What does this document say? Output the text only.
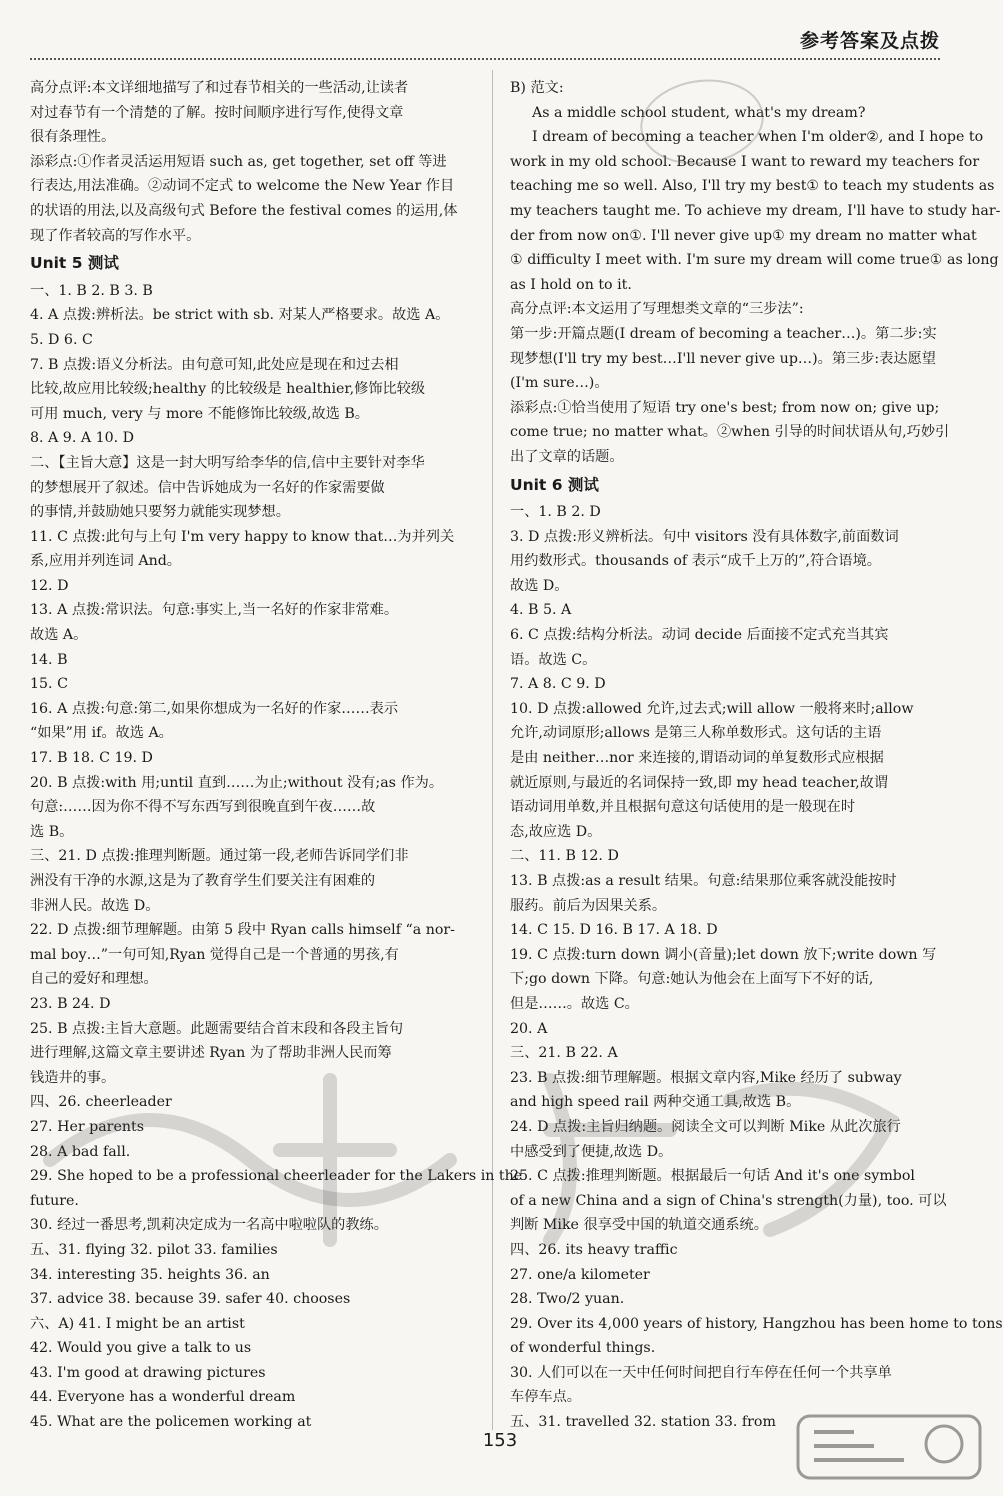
参考答案及点拨
高分点评:本文详细地描写了和过春节相关的一些活动,让读者
对过春节有一个清楚的了解。按时间顺序进行写作,使得文章
很有条理性。
添彩点:①作者灵活运用短语 such as, get together, set off 等进
行表达,用法准确。②动词不定式 to welcome the New Year 作目
的状语的用法,以及高级句式 Before the festival comes 的运用,体
现了作者较高的写作水平。
Unit 5 测试
一、1. B 2. B 3. B
4. A 点拨:辨析法。be strict with sb. 对某人严格要求。故选 A。
5. D 6. C
7. B 点拨:语义分析法。由句意可知,此处应是现在和过去相
比较,故应用比较级;healthy 的比较级是 healthier,修饰比较级
可用 much, very 与 more 不能修饰比较级,故选 B。
8. A 9. A 10. D
二、【主旨大意】这是一封大明写给李华的信,信中主要针对李华
的梦想展开了叙述。信中告诉她成为一名好的作家需要做
的事情,并鼓励她只要努力就能实现梦想。
11. C 点拨:此句与上句 I'm very happy to know that…为并列关
系,应用并列连词 And。
12. D
13. A 点拨:常识法。句意:事实上,当一名好的作家非常难。
故选 A。
14. B
15. C
16. A 点拨:句意:第二,如果你想成为一名好的作家……表示
“如果”用 if。故选 A。
17. B 18. C 19. D
20. B 点拨:with 用;until 直到……为止;without 没有;as 作为。
句意:……因为你不得不写东西写到很晚直到午夜……故
选 B。
三、21. D 点拨:推理判断题。通过第一段,老师告诉同学们非
洲没有干净的水源,这是为了教育学生们要关注有困难的
非洲人民。故选 D。
22. D 点拨:细节理解题。由第 5 段中 Ryan calls himself “a nor-
mal boy…”一句可知,Ryan 觉得自己是一个普通的男孩,有
自己的爱好和理想。
23. B 24. D
25. B 点拨:主旨大意题。此题需要结合首末段和各段主旨句
进行理解,这篇文章主要讲述 Ryan 为了帮助非洲人民而筹
钱造井的事。
四、26. cheerleader
27. Her parents
28. A bad fall.
29. She hoped to be a professional cheerleader for the Lakers in the
future.
30. 经过一番思考,凯莉决定成为一名高中啦啦队的教练。
五、31. flying 32. pilot 33. families
34. interesting 35. heights 36. an
37. advice 38. because 39. safer 40. chooses
六、A) 41. I might be an artist
42. Would you give a talk to us
43. I'm good at drawing pictures
44. Everyone has a wonderful dream
45. What are the policemen working at
B) 范文:
As a middle school student, what's my dream?
I dream of becoming a teacher when I'm older②, and I hope to
work in my old school. Because I want to reward my teachers for
teaching me so well. Also, I'll try my best① to teach my students as
my teachers taught me. To achieve my dream, I'll have to study har-
der from now on①. I'll never give up① my dream no matter what
① difficulty I meet with. I'm sure my dream will come true① as long
as I hold on to it.
高分点评:本文运用了写理想类文章的“三步法”:
第一步:开篇点题(I dream of becoming a teacher…)。第二步:实
现梦想(I'll try my best…I'll never give up…)。第三步:表达愿望
(I'm sure…)。
添彩点:①恰当使用了短语 try one's best; from now on; give up;
come true; no matter what。②when 引导的时间状语从句,巧妙引
出了文章的话题。
Unit 6 测试
一、1. B 2. D
3. D 点拨:形义辨析法。句中 visitors 没有具体数字,前面数词
用约数形式。thousands of 表示“成千上万的”,符合语境。
故选 D。
4. B 5. A
6. C 点拨:结构分析法。动词 decide 后面接不定式充当其宾
语。故选 C。
7. A 8. C 9. D
10. D 点拨:allowed 允许,过去式;will allow 一般将来时;allow
允许,动词原形;allows 是第三人称单数形式。这句话的主语
是由 neither…nor 来连接的,谓语动词的单复数形式应根据
就近原则,与最近的名词保持一致,即 my head teacher,故谓
语动词用单数,并且根据句意这句话使用的是一般现在时
态,故应选 D。
二、11. B 12. D
13. B 点拨:as a result 结果。句意:结果那位乘客就没能按时
服药。前后为因果关系。
14. C 15. D 16. B 17. A 18. D
19. C 点拨:turn down 调小(音量);let down 放下;write down 写
下;go down 下降。句意:她认为他会在上面写下不好的话,
但是……。故选 C。
20. A
三、21. B 22. A
23. B 点拨:细节理解题。根据文章内容,Mike 经历了 subway
and high speed rail 两种交通工具,故选 B。
24. D 点拨:主旨归纳题。阅读全文可以判断 Mike 从此次旅行
中感受到了便捷,故选 D。
25. C 点拨:推理判断题。根据最后一句话 And it's one symbol
of a new China and a sign of China's strength(力量), too. 可以
判断 Mike 很享受中国的轨道交通系统。
四、26. its heavy traffic
27. one/a kilometer
28. Two/2 yuan.
29. Over its 4,000 years of history, Hangzhou has been home to tons
of wonderful things.
30. 人们可以在一天中任何时间把自行车停在任何一个共享单
车停车点。
五、31. travelled 32. station 33. from
153
